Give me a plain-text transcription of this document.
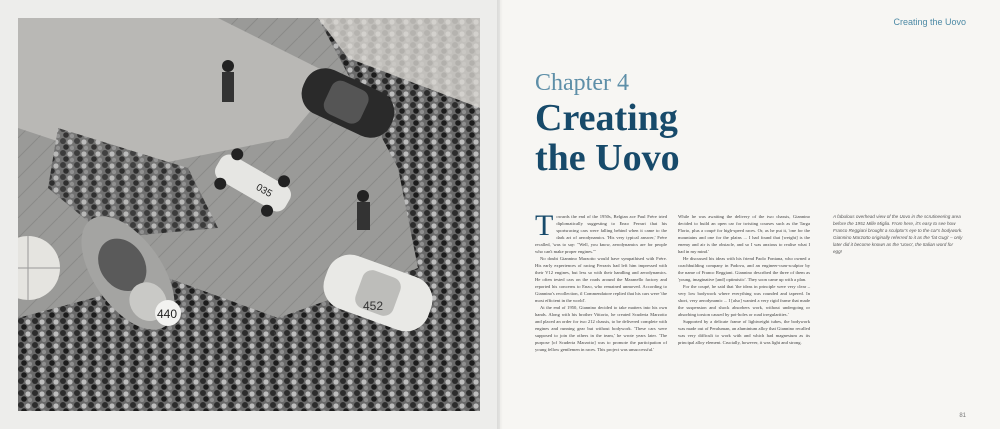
035
440
452
Creating the Uovo
Chapter 4
Creating
the Uovo

Towards the end of the 1950s, Belgian ace Paul Frère tried diplomatically suggesting to Enzo Ferrari that his sportsracing cars were falling behind when it came to the dark art of aerodynamics. 'His very typical answer,' Frère recalled, 'was to say: "Well, you know, aerodynamics are for people who can't make proper engines."'

No doubt Giannino Marzotto would have sympathised with Frère. His early experiences of racing Ferraris had left him impressed with their V12 engines, but less so with their handling and aerodynamics. He often tested cars on the roads around the Maranello factory and reported his concerns to Enzo, who remained unmoved. According to Giannino's recollection, il Commendatore replied that his cars were 'the most efficient in the world'.

At the end of 1950, Giannino decided to take matters into his own hands. Along with his brother Vittorio, he created Scuderia Marzotto and placed an order for two 212 chassis, to be delivered complete with engines and running gear but without bodywork. 'These cars were supposed to join the others in the team,' he wrote years later. 'The purpose [of Scuderia Marzotto] was to promote the participation of young fellow gentlemen in races. This project was unsuccessful.'

While he was awaiting the delivery of the two chassis, Giannino decided to build an open car for twisting courses such as the Targa Florio, plus a coupé for high-speed races. Or, as he put it, 'one for the mountains and one for the plains ... I had found that [weight] is the enemy and air is the obstacle, and so I was anxious to realise what I had in my mind.'

He discussed his ideas with his friend Paolo Fontana, who owned a coachbuilding company in Padova, and an engineer-cum-sculptor by the name of Franco Reggiani. Giannino described the three of them as 'young, imaginative [and] optimistic'. They soon came up with a plan.

For the coupé, he said that 'the ideas in principle were very clear – very low bodywork where everything was rounded and tapered. In short, very aerodynamic ... I [also] wanted a very rigid frame that made the suspension and shock absorbers work, without undergoing or absorbing torsion caused by pot-holes or road irregularities.'

Supported by a delicate frame of lightweight tubes, the bodywork was made out of Peraluman, an aluminium alloy that Giannino recalled was very difficult to work with and which had magnesium as its principal alloy element. Crucially, however, it was light and strong.

A fabulous overhead view of the Uovo in the scrutineering area before the 1951 Mille Miglia. From here, it's easy to see how Franco Reggiani brought a sculptor's eye to the car's bodywork. Giannino Marzotto originally referred to it as the 'fat Gugi' – only later did it become known as the 'Uovo', the Italian word for egg!
81
